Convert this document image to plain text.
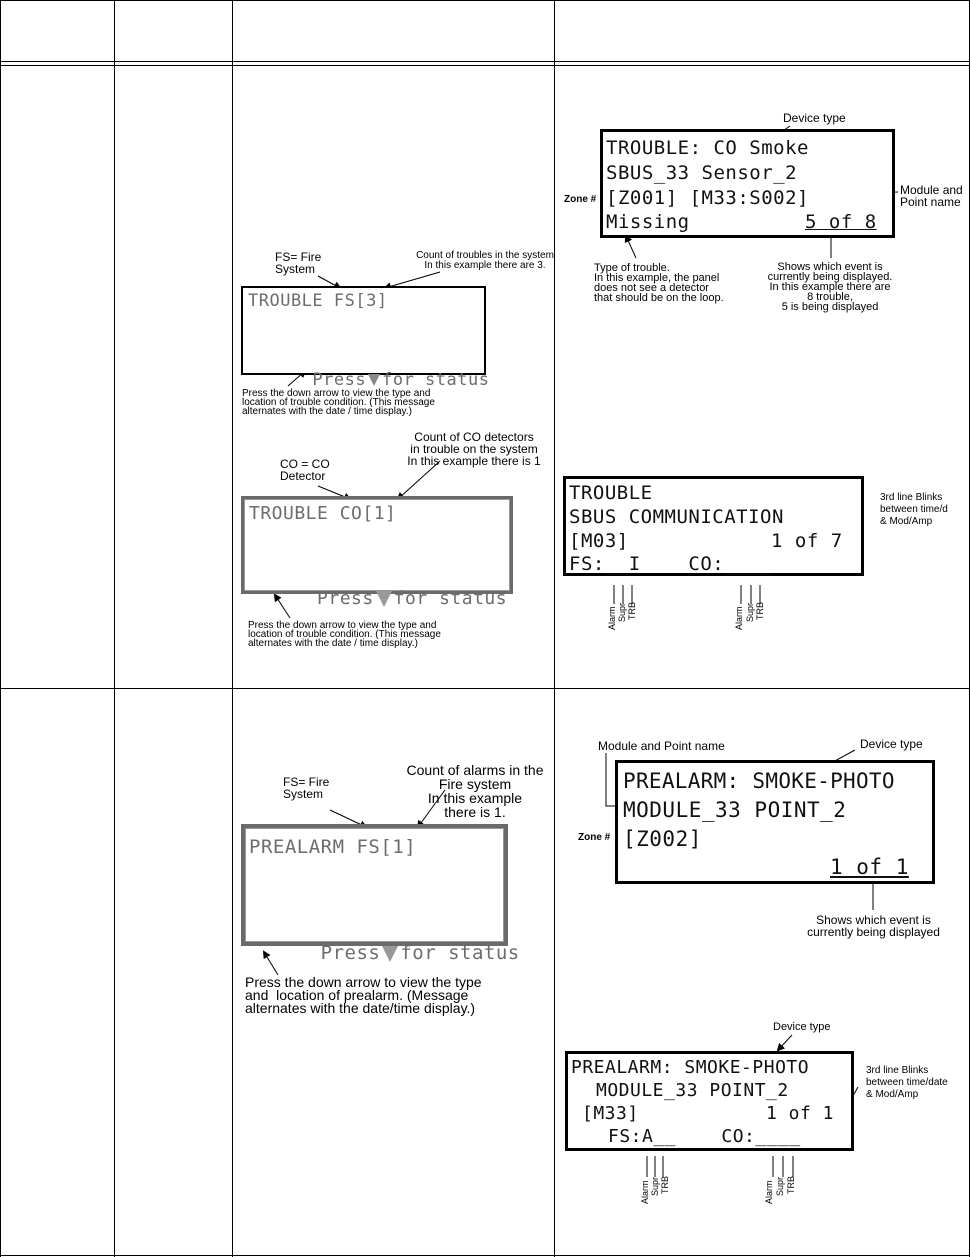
FS= Fire
System
Count of troubles in the system
In this example there are 3.
TROUBLE FS[3]

Press for status

Press the down arrow to view the type and
location of trouble condition. (This message
alternates with the date / time display.)
CO = CO
Detector
Count of CO detectors
in trouble on the system
In this example there is 1
TROUBLE CO[1]

Press for status

Press the down arrow to view the type and
location of trouble condition. (This message
alternates with the date / time display.)
Device type
TROUBLE: CO Smoke
SBUS_33 Sensor_2
[Z001] [M33:S002]
Missing	5 of 8
Zone #
Module and
Point name
Type of trouble.
In this example, the panel
does not see a detector
that should be on the loop.
Shows which event is
currently being displayed.
In this example there are
8 trouble,
5 is being displayed
TROUBLE
SBUS COMMUNICATION
[M03]	1 of 7
FS:__I    CO:____
3rd line Blinks
between time/d
& Mod/Amp
Alarm Supr TRB	Alarm Supr TRB
FS= Fire
System
Count of alarms in the
Fire system
In this example
there is 1.
PREALARM FS[1]

Press for status

Press the down arrow to view the type
and  location of prealarm. (Message
alternates with the date/time display.)
Module and Point name	Device type
PREALARM: SMOKE-PHOTO
MODULE_33 POINT_2
[Z002]
1 of 1
Zone #
Shows which event is
currently being displayed
Device type
PREALARM: SMOKE-PHOTO
MODULE_33 POINT_2
[M33]	1 of 1
FS:A__    CO:____
3rd line Blinks
between time/date
& Mod/Amp
Alarm Supr TRB	Alarm Supr TRB
